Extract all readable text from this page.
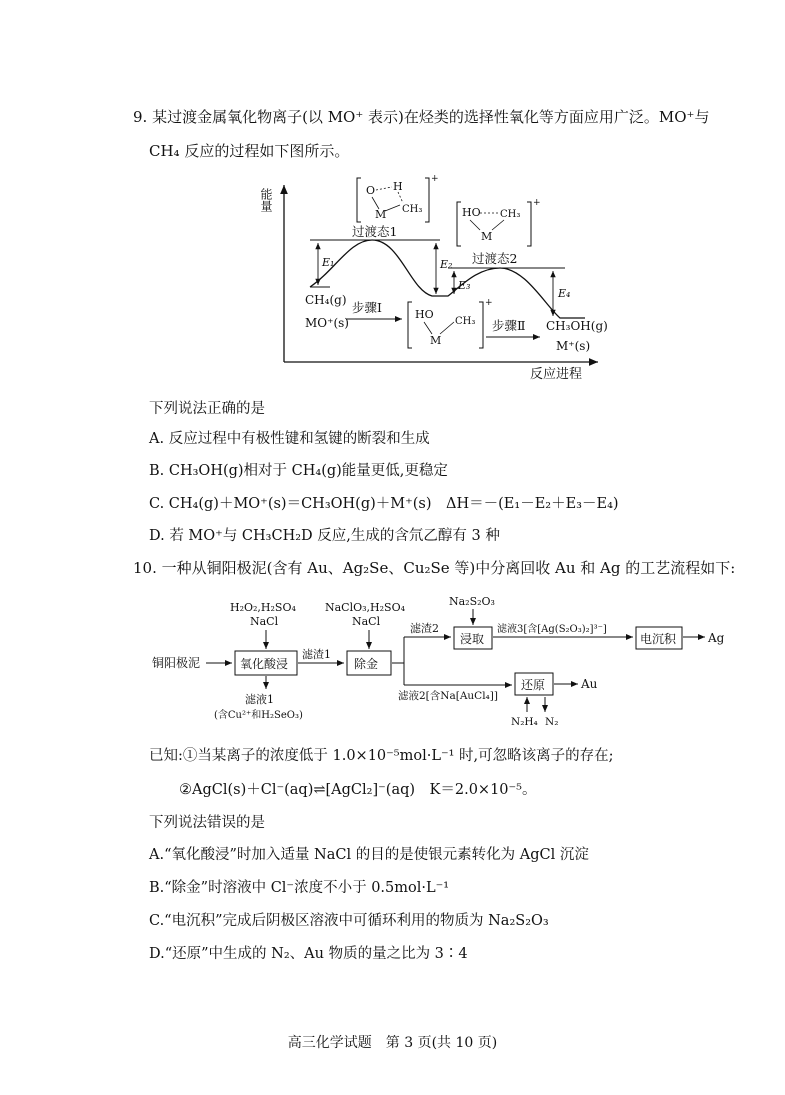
9. 某过渡金属氧化物离子(以 MO⁺ 表示)在烃类的选择性氧化等方面应用广泛。MO⁺与
CH₄ 反应的过程如下图所示。
能量
反应进程
E₁	E₂
E₃
E₄
过渡态1
过渡态2
O H
M CH₃
+
HO CH₃
M
+
CH₄(g)
MO⁺(s)
步骤Ⅰ	HO
M
CH₃
+
步骤Ⅱ CH₃OH(g)
M⁺(s)
下列说法正确的是
A. 反应过程中有极性键和氢键的断裂和生成
B. CH₃OH(g)相对于 CH₄(g)能量更低,更稳定
C. CH₄(g)＋MO⁺(s)＝CH₃OH(g)＋M⁺(s)　ΔH＝－(E₁－E₂＋E₃－E₄)
D. 若 MO⁺与 CH₃CH₂D 反应,生成的含氘乙醇有 3 种
10. 一种从铜阳极泥(含有 Au、Ag₂Se、Cu₂Se 等)中分离回收 Au 和 Ag 的工艺流程如下:
铜阳极泥	氧化酸浸
H₂O₂,H₂SO₄
NaCl
滤液1
(含Cu²⁺和H₂SeO₃)
滤渣1
除金
NaClO₃,H₂SO₄
NaCl
滤渣2
浸取
Na₂S₂O₃
滤液3[含[Ag(S₂O₃)₂]³⁻]
电沉积	Ag
滤液2[含Na[AuCl₄]]
还原	Au
N₂H₄ N₂
已知:①当某离子的浓度低于 1.0×10⁻⁵mol·L⁻¹ 时,可忽略该离子的存在;
②AgCl(s)＋Cl⁻(aq)⇌[AgCl₂]⁻(aq)　K＝2.0×10⁻⁵。
下列说法错误的是
A.“氧化酸浸”时加入适量 NaCl 的目的是使银元素转化为 AgCl 沉淀
B.“除金”时溶液中 Cl⁻浓度不小于 0.5mol·L⁻¹
C.“电沉积”完成后阴极区溶液中可循环利用的物质为 Na₂S₂O₃
D.“还原”中生成的 N₂、Au 物质的量之比为 3∶4
高三化学试题　第 3 页(共 10 页)
